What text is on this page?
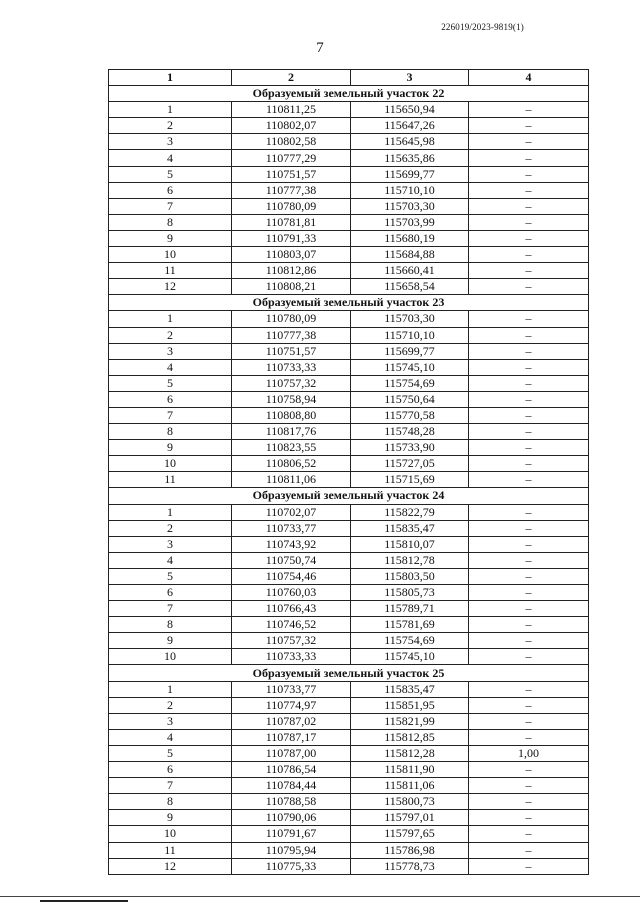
226019/2023-9819(1)
7
1	2	3	4
Образуемый земельный участок 22			
1	110811,25	115650,94	–
2	110802,07	115647,26	–
3	110802,58	115645,98	–
4	110777,29	115635,86	–
5	110751,57	115699,77	–
6	110777,38	115710,10	–
7	110780,09	115703,30	–
8	110781,81	115703,99	–
9	110791,33	115680,19	–
10	110803,07	115684,88	–
11	110812,86	115660,41	–
12	110808,21	115658,54	–
Образуемый земельный участок 23			
1	110780,09	115703,30	–
2	110777,38	115710,10	–
3	110751,57	115699,77	–
4	110733,33	115745,10	–
5	110757,32	115754,69	–
6	110758,94	115750,64	–
7	110808,80	115770,58	–
8	110817,76	115748,28	–
9	110823,55	115733,90	–
10	110806,52	115727,05	–
11	110811,06	115715,69	–
Образуемый земельный участок 24			
1	110702,07	115822,79	–
2	110733,77	115835,47	–
3	110743,92	115810,07	–
4	110750,74	115812,78	–
5	110754,46	115803,50	–
6	110760,03	115805,73	–
7	110766,43	115789,71	–
8	110746,52	115781,69	–
9	110757,32	115754,69	–
10	110733,33	115745,10	–
Образуемый земельный участок 25			
1	110733,77	115835,47	–
2	110774,97	115851,95	–
3	110787,02	115821,99	–
4	110787,17	115812,85	–
5	110787,00	115812,28	1,00
6	110786,54	115811,90	–
7	110784,44	115811,06	–
8	110788,58	115800,73	–
9	110790,06	115797,01	–
10	110791,67	115797,65	–
11	110795,94	115786,98	–
12	110775,33	115778,73	–
